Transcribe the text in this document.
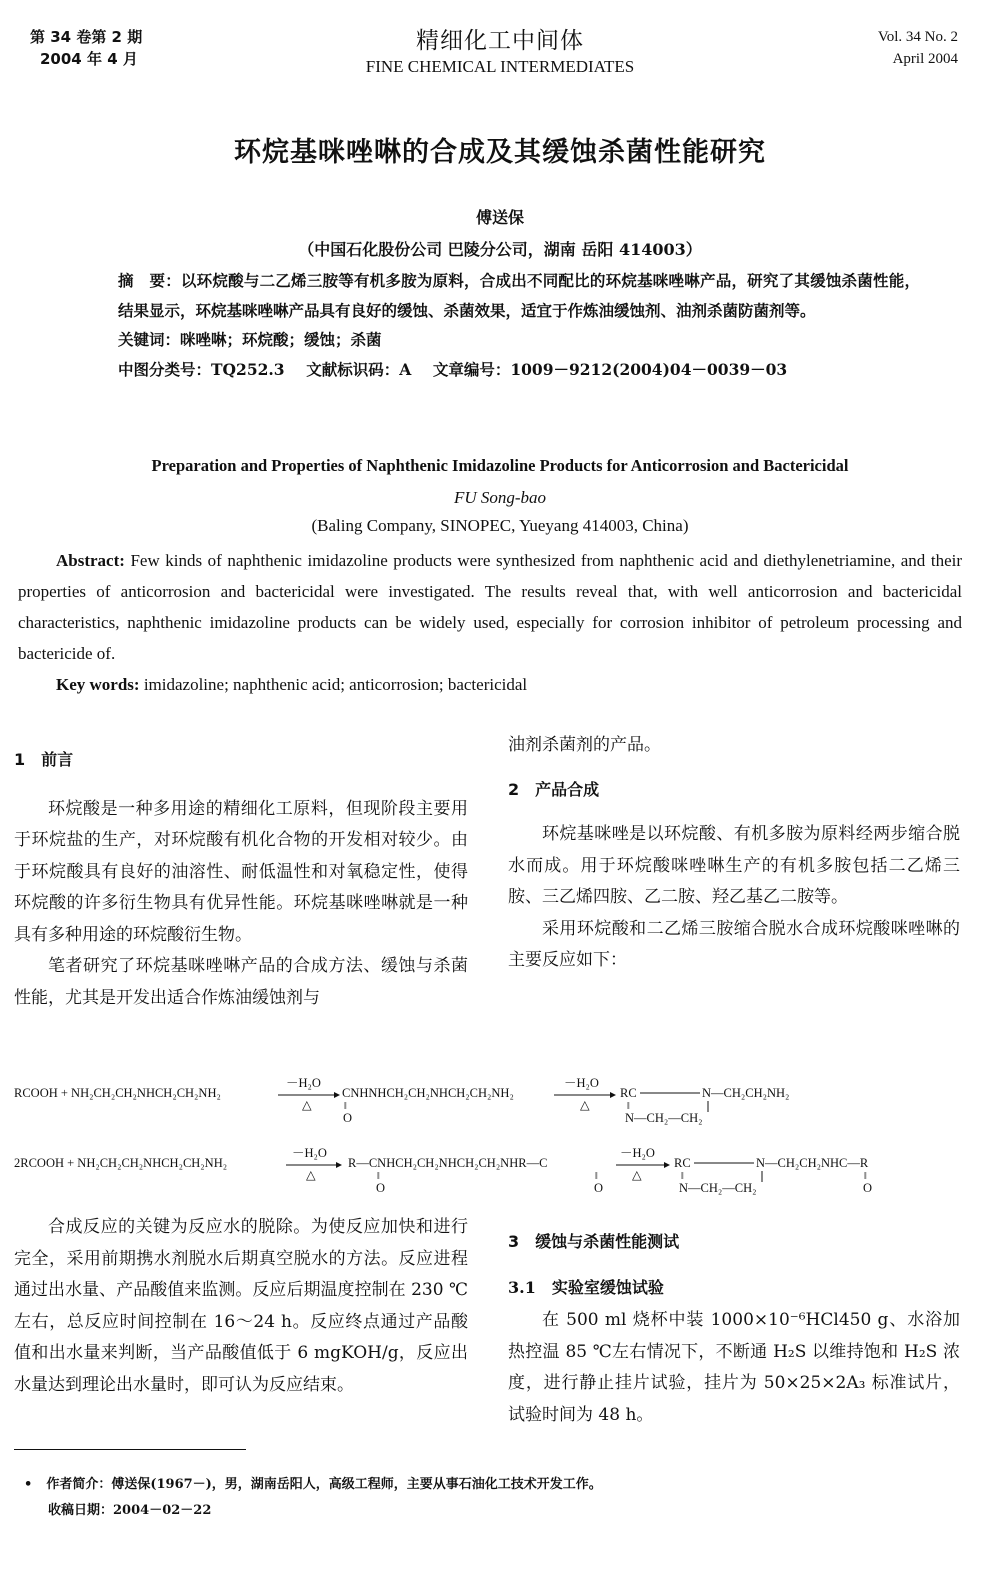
第 34 卷第 2 期
2004 年 4 月
精细化工中间体
FINE CHEMICAL INTERMEDIATES
Vol. 34 No. 2
April 2004
环烷基咪唑啉的合成及其缓蚀杀菌性能研究
傅送保
（中国石化股份公司 巴陵分公司，湖南 岳阳 414003）

摘　要：以环烷酸与二乙烯三胺等有机多胺为原料，合成出不同配比的环烷基咪唑啉产品，研究了其缓蚀杀菌性能，结果显示，环烷基咪唑啉产品具有良好的缓蚀、杀菌效果，适宜于作炼油缓蚀剂、油剂杀菌防菌剂等。

关键词：咪唑啉；环烷酸；缓蚀；杀菌

中图分类号：TQ252.3 文献标识码：A 文章编号：1009－9212(2004)04－0039－03

Preparation and Properties of Naphthenic Imidazoline Products for Anticorrosion and Bactericidal
FU Song-bao
(Baling Company, SINOPEC, Yueyang 414003, China)

Abstract: Few kinds of naphthenic imidazoline products were synthesized from naphthenic acid and diethylenetriamine, and their properties of anticorrosion and bactericidal were investigated. The results reveal that, with well anticorrosion and bactericidal characteristics, naphthenic imidazoline products can be widely used, especially for corrosion inhibitor of petroleum processing and bactericide of.

Key words: imidazoline; naphthenic acid; anticorrosion; bactericidal

1　前言

环烷酸是一种多用途的精细化工原料，但现阶段主要用于环烷盐的生产，对环烷酸有机化合物的开发相对较少。由于环烷酸具有良好的油溶性、耐低温性和对氧稳定性，使得环烷酸的许多衍生物具有优异性能。环烷基咪唑啉就是一种具有多种用途的环烷酸衍生物。

笔者研究了环烷基咪唑啉产品的合成方法、缓蚀与杀菌性能，尤其是开发出适合作炼油缓蚀剂与

油剂杀菌剂的产品。

2　产品合成

环烷基咪唑是以环烷酸、有机多胺为原料经两步缩合脱水而成。用于环烷酸咪唑啉生产的有机多胺包括二乙烯三胺、三乙烯四胺、乙二胺、羟乙基乙二胺等。

采用环烷酸和二乙烯三胺缩合脱水合成环烷酸咪唑啉的主要反应如下：

RCOOH + NH₂CH₂CH₂NHCH₂CH₂NH₂
－H₂O
△
CNHNHCH₂CH₂NHCH₂CH₂NH₂
‖
O
－H₂O
△
RC	N—CH₂CH₂NH₂
‖
N—CH₂—CH₂
2RCOOH + NH₂CH₂CH₂NHCH₂CH₂NH₂
－H₂O
△
R—CNHCH₂CH₂NHCH₂CH₂NHR—C
‖
O
‖
O
－H₂O
△
RC	N—CH₂CH₂NHC—R
‖
N—CH₂—CH₂
‖
O

合成反应的关键为反应水的脱除。为使反应加快和进行完全，采用前期携水剂脱水后期真空脱水的方法。反应进程通过出水量、产品酸值来监测。反应后期温度控制在 230 ℃左右，总反应时间控制在 16～24 h。反应终点通过产品酸值和出水量来判断，当产品酸值低于 6 mgKOH/g，反应出水量达到理论出水量时，即可认为反应结束。

3　缓蚀与杀菌性能测试
3.1　实验室缓蚀试验

在 500 ml 烧杯中装 1000×10⁻⁶HCl450 g、水浴加热控温 85 ℃左右情况下，不断通 H₂S 以维持饱和 H₂S 浓度，进行静止挂片试验，挂片为 50×25×2A₃ 标准试片，试验时间为 48 h。

• 作者简介：傅送保(1967－)，男，湖南岳阳人，高级工程师，主要从事石油化工技术开发工作。
收稿日期：2004－02－22
